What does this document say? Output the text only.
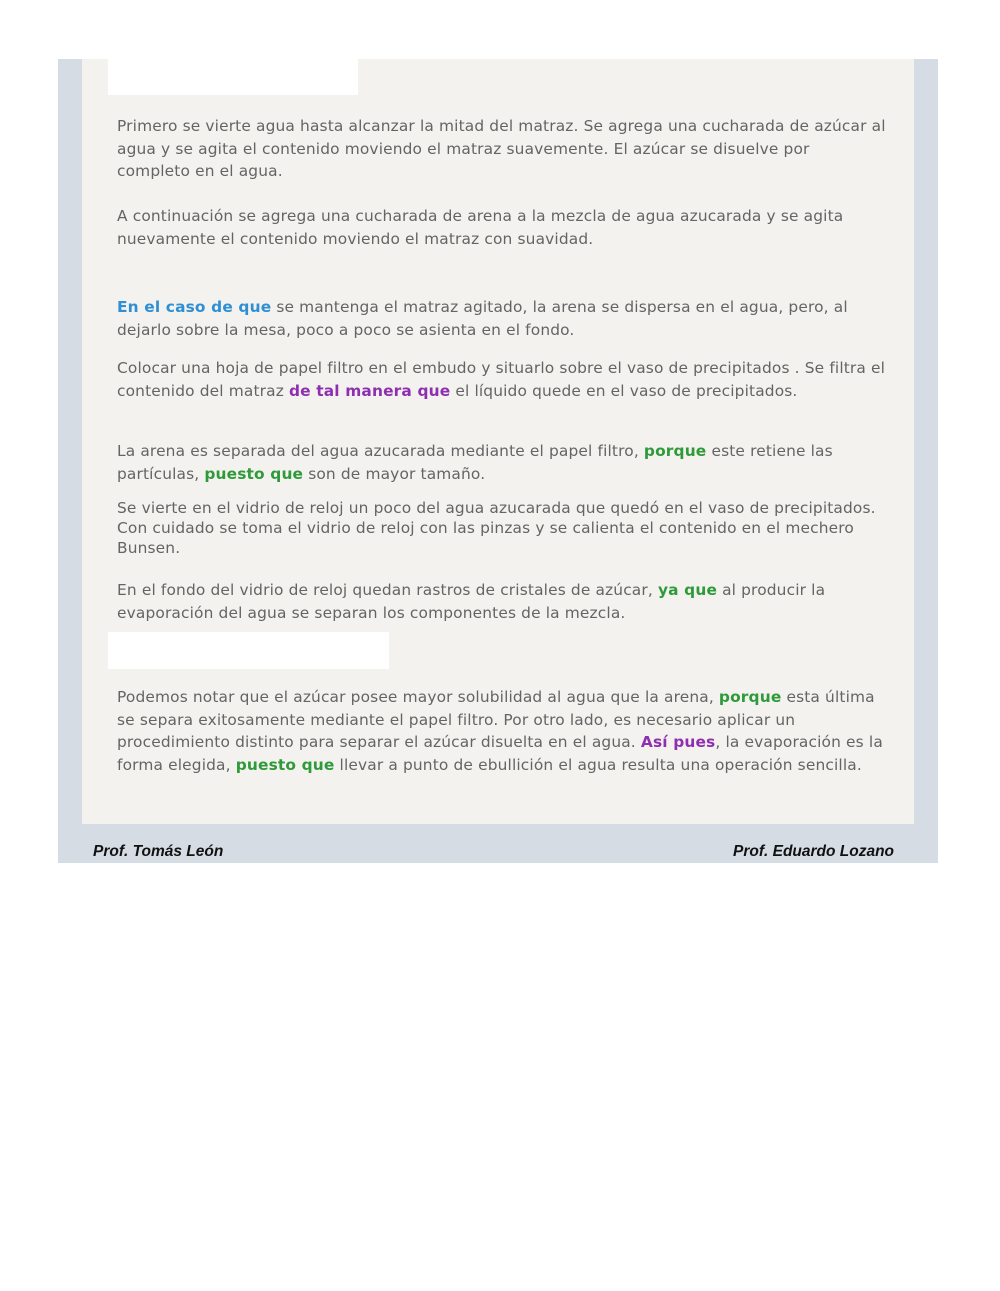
Primero se vierte agua hasta alcanzar la mitad del matraz. Se agrega una cucharada de azúcar al agua y se agita el contenido moviendo el matraz suavemente. El azúcar se disuelve por completo en el agua.
A continuación se agrega una cucharada de arena a la mezcla de agua azucarada y se agita nuevamente el contenido moviendo el matraz con suavidad.
En el caso de que se mantenga el matraz agitado, la arena se dispersa en el agua, pero, al dejarlo sobre la mesa, poco a poco se asienta en el fondo.
Colocar una hoja de papel filtro en el embudo y situarlo sobre el vaso de precipitados . Se filtra el contenido del matraz de tal manera que el líquido quede en el vaso de precipitados.
La arena es separada del agua azucarada mediante el papel filtro, porque este retiene las partículas, puesto que son de mayor tamaño.
Se vierte en el vidrio de reloj un poco del agua azucarada que quedó en el vaso de precipitados. Con cuidado se toma el vidrio de reloj con las pinzas y se calienta el contenido en el mechero Bunsen.
En el fondo del vidrio de reloj quedan rastros de cristales de azúcar, ya que al producir la evaporación del agua se separan los componentes de la mezcla.
Podemos notar que el azúcar posee mayor solubilidad al agua que la arena, porque esta última se separa exitosamente mediante el papel filtro. Por otro lado, es necesario aplicar un procedimiento distinto para separar el azúcar disuelta en el agua. Así pues, la evaporación es la forma elegida, puesto que llevar a punto de ebullición el agua resulta una operación sencilla.
Prof. Tomás León	Prof. Eduardo Lozano
